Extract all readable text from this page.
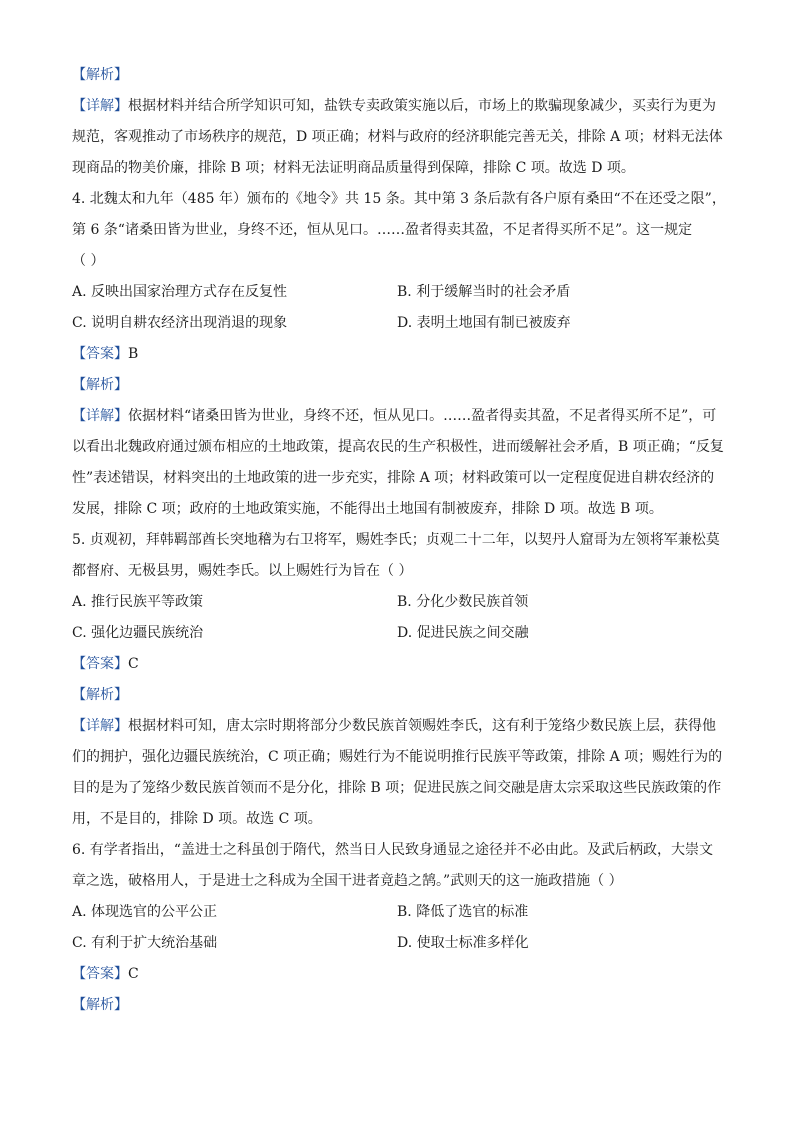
【解析】
【详解】根据材料并结合所学知识可知，盐铁专卖政策实施以后，市场上的欺骗现象减少，买卖行为更为
规范，客观推动了市场秩序的规范，D 项正确；材料与政府的经济职能完善无关，排除 A 项；材料无法体
现商品的物美价廉，排除 B 项；材料无法证明商品质量得到保障，排除 C 项。故选 D 项。
4. 北魏太和九年（485 年）颁布的《地令》共 15 条。其中第 3 条后款有各户原有桑田“不在还受之限”，
第 6 条“诸桑田皆为世业，身终不还，恒从见口。……盈者得卖其盈，不足者得买所不足”。这一规定
（ ）
A. 反映出国家治理方式存在反复性	B. 利于缓解当时的社会矛盾
C. 说明自耕农经济出现消退的现象	D. 表明土地国有制已被废弃
【答案】B
【解析】
【详解】依据材料“诸桑田皆为世业，身终不还，恒从见口。……盈者得卖其盈，不足者得买所不足”，可
以看出北魏政府通过颁布相应的土地政策，提高农民的生产积极性，进而缓解社会矛盾，B 项正确；“反复
性”表述错误，材料突出的土地政策的进一步充实，排除 A 项；材料政策可以一定程度促进自耕农经济的
发展，排除 C 项；政府的土地政策实施，不能得出土地国有制被废弃，排除 D 项。故选 B 项。
5. 贞观初，拜韩羁部酋长突地稽为右卫将军，赐姓李氏；贞观二十二年，以契丹人窟哥为左领将军兼松莫
都督府、无极县男，赐姓李氏。以上赐姓行为旨在（ ）
A. 推行民族平等政策	B. 分化少数民族首领
C. 强化边疆民族统治	D. 促进民族之间交融
【答案】C
【解析】
【详解】根据材料可知，唐太宗时期将部分少数民族首领赐姓李氏，这有利于笼络少数民族上层，获得他
们的拥护，强化边疆民族统治，C 项正确；赐姓行为不能说明推行民族平等政策，排除 A 项；赐姓行为的
目的是为了笼络少数民族首领而不是分化，排除 B 项；促进民族之间交融是唐太宗采取这些民族政策的作
用，不是目的，排除 D 项。故选 C 项。
6. 有学者指出，“盖进士之科虽创于隋代，然当日人民致身通显之途径并不必由此。及武后柄政，大崇文
章之选，破格用人，于是进士之科成为全国干进者竟趋之鹄。”武则天的这一施政措施（ ）
A. 体现选官的公平公正	B. 降低了选官的标准
C. 有利于扩大统治基础	D. 使取士标准多样化
【答案】C
【解析】
